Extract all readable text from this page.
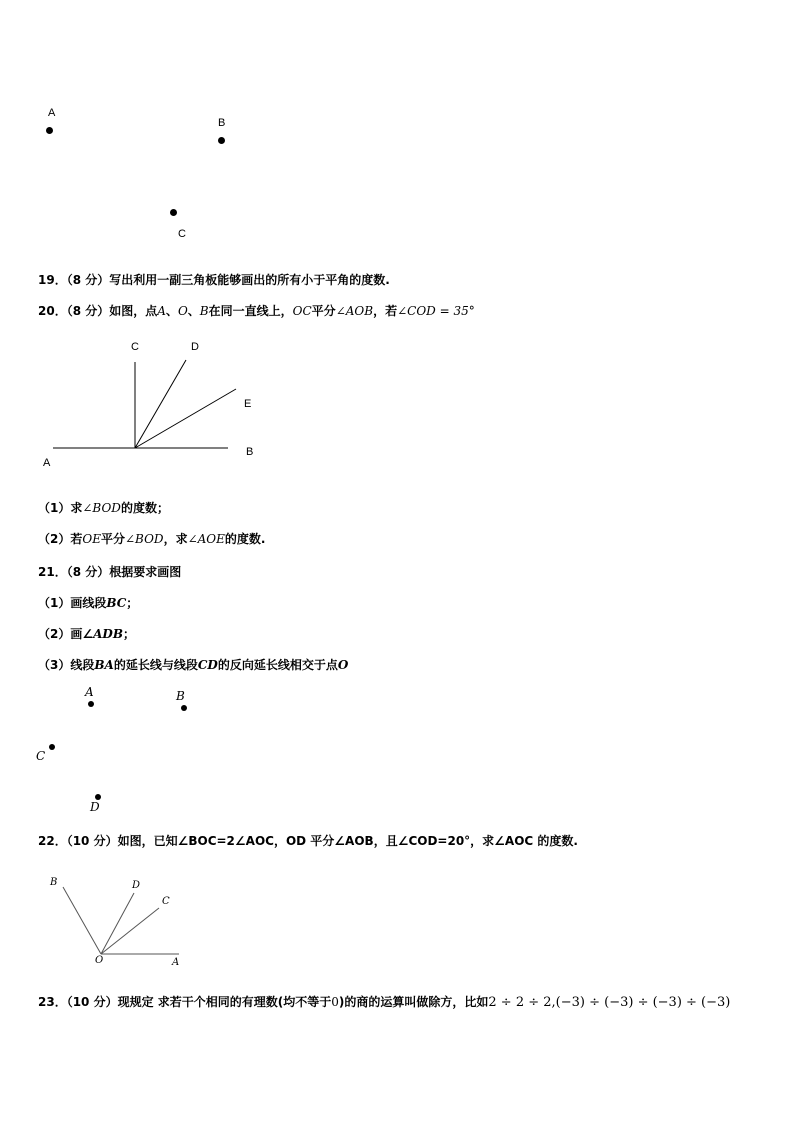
A
B
C
19．（8 分）写出利用一副三角板能够画出的所有小于平角的度数.
20．（8 分）如图，点A、O、B在同一直线上，OC平分∠AOB，若∠COD = 35°
C	D
E
A
B
（1）求∠BOD的度数；
（2）若OE平分∠BOD，求∠AOE的度数.
21．（8 分）根据要求画图
（1）画线段BC；
（2）画∠ADB；
（3）线段BA的延长线与线段CD的反向延长线相交于点O
A	B
C
D
22．（10 分）如图，已知∠BOC=2∠AOC，OD 平分∠AOB，且∠COD=20°，求∠AOC 的度数.
B	D
C
O	A
23．（10 分）现规定 求若干个相同的有理数(均不等于0)的商的运算叫做除方，比如2 ÷ 2 ÷ 2,(−3) ÷ (−3) ÷ (−3) ÷ (−3)
